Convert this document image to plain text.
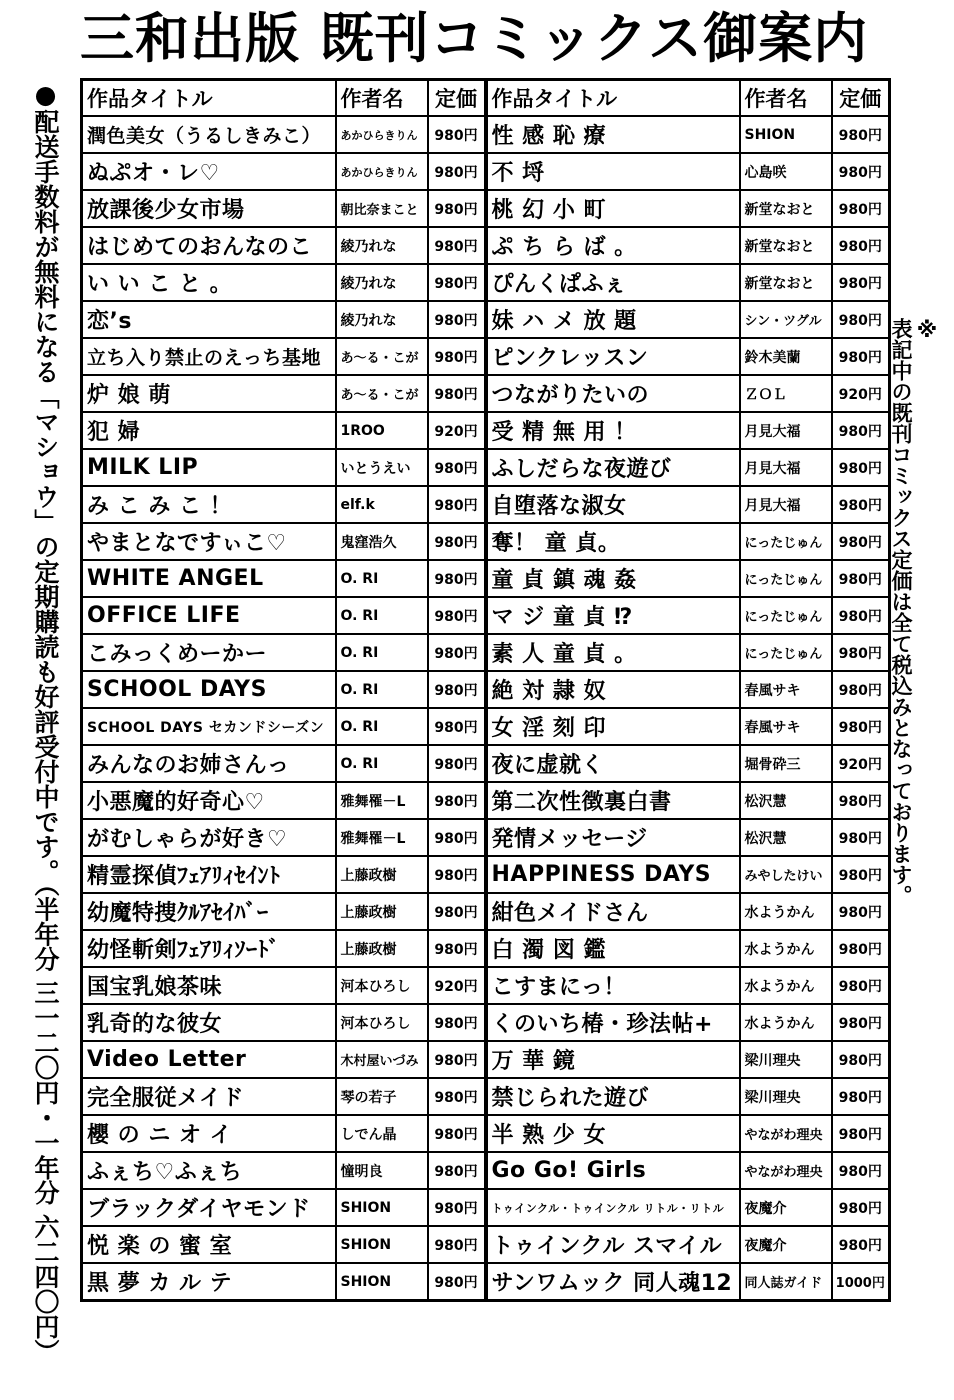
三和出版 既刊コミックス御案内
●配送手数料が無料になる「マショウ」の定期購読も好評受付中です。（半年分 三一二〇円・一年分 六二四〇円）	※
表記中の既刊コミックス定価は全て税込みとなっております。
作品タイトル	作者名	定価	作品タイトル	作者名	定価
潤色美女（うるしきみこ）	あかひらきりん	980円	性 感 恥 療	SHION	980円
ぬぷオ・レ♡	あかひらきりん	980円	不 埒	心島咲	980円
放課後少女市場	朝比奈まこと	980円	桃 幻 小 町	新堂なおと	980円
はじめてのおんなのこ	綾乃れな	980円	ぷ ち ら ば 。	新堂なおと	980円
い い こ と 。	綾乃れな	980円	ぴんくぱふぇ	新堂なおと	980円
恋’s	綾乃れな	980円	妹 ハ メ 放 題	シン・ツグル	980円
立ち入り禁止のえっち基地	あ～る・こが	980円	ピンクレッスン	鈴木美蘭	980円
炉 娘 萌	あ～る・こが	980円	つながりたいの	ＺＯＬ	920円
犯 婦	1ROO	920円	受 精 無 用 ！	月見大福	980円
MILK LIP	いとうえい	980円	ふしだらな夜遊び	月見大福	980円
み こ み こ ！	elf.k	980円	自堕落な淑女	月見大福	980円
やまとなですぃこ♡	鬼窪浩久	980円	奪！ 童 貞。	にったじゅん	980円
WHITE ANGEL	O. RI	980円	童 貞 鎮 魂 姦	にったじゅん	980円
OFFICE LIFE	O. RI	980円	マ ジ 童 貞 ⁉	にったじゅん	980円
こみっくめーかー	O. RI	980円	素 人 童 貞 。	にったじゅん	980円
SCHOOL DAYS	O. RI	980円	絶 対 隷 奴	春風サキ	980円
SCHOOL DAYS セカンドシーズン	O. RI	980円	女 淫 刻 印	春風サキ	980円
みんなのお姉さんっ	O. RI	980円	夜に虚就く	堀骨砕三	920円
小悪魔的好奇心♡	雅舞罹－L	980円	第二次性徴裏白書	松沢慧	980円
がむしゃらが好き♡	雅舞罹－L	980円	発情メッセージ	松沢慧	980円
精霊探偵ﾌｪｱﾘｨｾｲﾝﾄ	上藤政樹	980円	HAPPINESS DAYS	みやしたけい	980円
幼魔特捜ｸﾙｱｾｲﾊﾞｰ	上藤政樹	980円	紺色メイドさん	水ようかん	980円
幼怪斬剣ﾌｪｱﾘｨｿｰﾄﾞ	上藤政樹	980円	白 濁 図 鑑	水ようかん	980円
国宝乳娘茶味	河本ひろし	920円	こすまにっ！	水ようかん	980円
乳奇的な彼女	河本ひろし	980円	くのいち椿・珍法帖+	水ようかん	980円
Video Letter	木村屋いづみ	980円	万 華 鏡	梁川理央	980円
完全服従メイド	琴の若子	980円	禁じられた遊び	梁川理央	980円
櫻 の ニ オ イ	しでん晶	980円	半 熟 少 女	やながわ理央	980円
ふぇち♡ふぇち	憧明良	980円	Go Go! Girls	やながわ理央	980円
ブラックダイヤモンド	SHION	980円	トゥインクル・トゥインクル リトル・リトル	夜魔介	980円
悦 楽 の 蜜 室	SHION	980円	トゥインクル スマイル	夜魔介	980円
黒 夢 カ ル テ	SHION	980円	サンワムック 同人魂12	同人誌ガイド	1000円
